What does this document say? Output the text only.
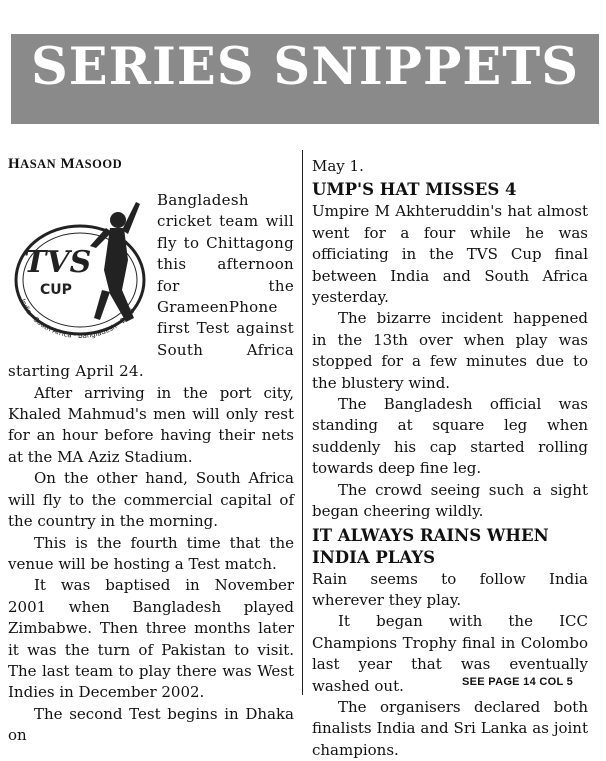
SERIES SNIPPETS
HASAN MASOOD
TVS
CUP
India · South Africa · Bangladesh · 2003

Bangladesh cricket team will fly to Chittagong this afternoon for the GrameenPhone first Test against South Africa starting April 24.

After arriving in the port city, Khaled Mahmud's men will only rest for an hour before having their nets at the MA Aziz Stadium.

On the other hand, South Africa will fly to the commercial capital of the country in the morning.

This is the fourth time that the venue will be hosting a Test match.

It was baptised in November 2001 when Bangladesh played Zimbabwe. Then three months later it was the turn of Pakistan to visit. The last team to play there was West Indies in December 2002.

The second Test begins in Dhaka on

May 1.

UMP'S HAT MISSES 4

Umpire M Akhteruddin's hat almost went for a four while he was officiating in the TVS Cup final between India and South Africa yesterday.

The bizarre incident happened in the 13th over when play was stopped for a few minutes due to the blustery wind.

The Bangladesh official was standing at square leg when suddenly his cap started rolling towards deep fine leg.

The crowd seeing such a sight began cheering wildly.

IT ALWAYS RAINS WHEN INDIA PLAYS

Rain seems to follow India wherever they play.

It began with the ICC Champions Trophy final in Colombo last year that was eventually washed out.

The organisers declared both finalists India and Sri Lanka as joint champions.

SEE PAGE 14 COL 5
